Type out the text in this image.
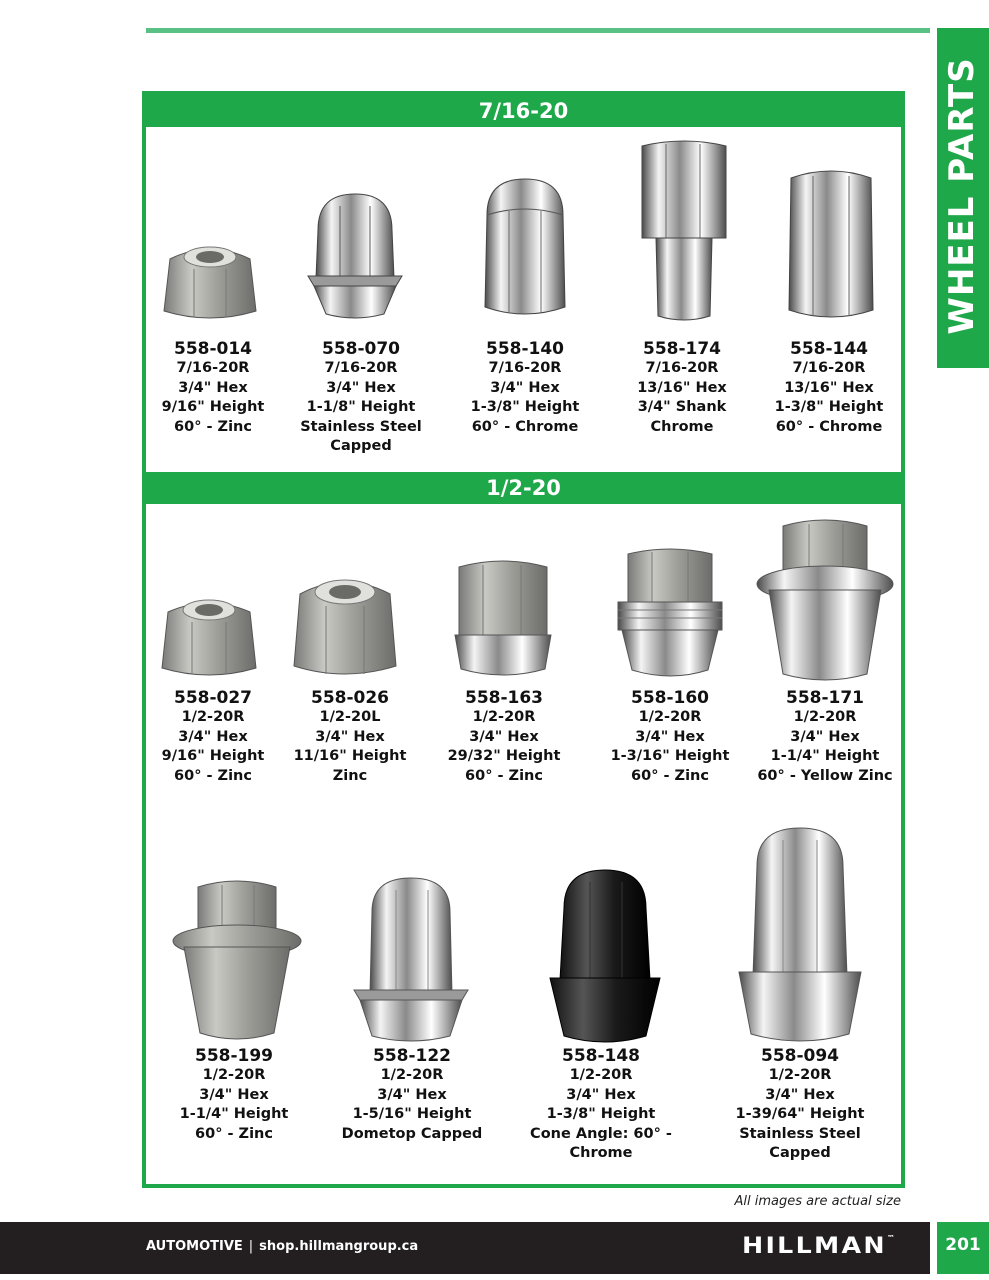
WHEEL PARTS
7/16-20
1/2-20
558-014
7/16-20R
3/4" Hex
9/16" Height
60° - Zinc
558-070
7/16-20R
3/4" Hex
1-1/8" Height
Stainless Steel
Capped
558-140
7/16-20R
3/4" Hex
1-3/8" Height
60° - Chrome
558-174
7/16-20R
13/16" Hex
3/4" Shank
Chrome
558-144
7/16-20R
13/16" Hex
1-3/8" Height
60° - Chrome
558-027
1/2-20R
3/4" Hex
9/16" Height
60° - Zinc
558-026
1/2-20L
3/4" Hex
11/16" Height
Zinc
558-163
1/2-20R
3/4" Hex
29/32" Height
60° - Zinc
558-160
1/2-20R
3/4" Hex
1-3/16" Height
60° - Zinc
558-171
1/2-20R
3/4" Hex
1-1/4" Height
60° - Yellow Zinc
558-199
1/2-20R
3/4" Hex
1-1/4" Height
60° - Zinc
558-122
1/2-20R
3/4" Hex
1-5/16" Height
Dometop Capped
558-148
1/2-20R
3/4" Hex
1-3/8" Height
Cone Angle: 60° -
Chrome
558-094
1/2-20R
3/4" Hex
1-39/64" Height
Stainless Steel
Capped
All images are actual size
AUTOMOTIVE | shop.hillmangroup.ca	HILLMAN™	201
